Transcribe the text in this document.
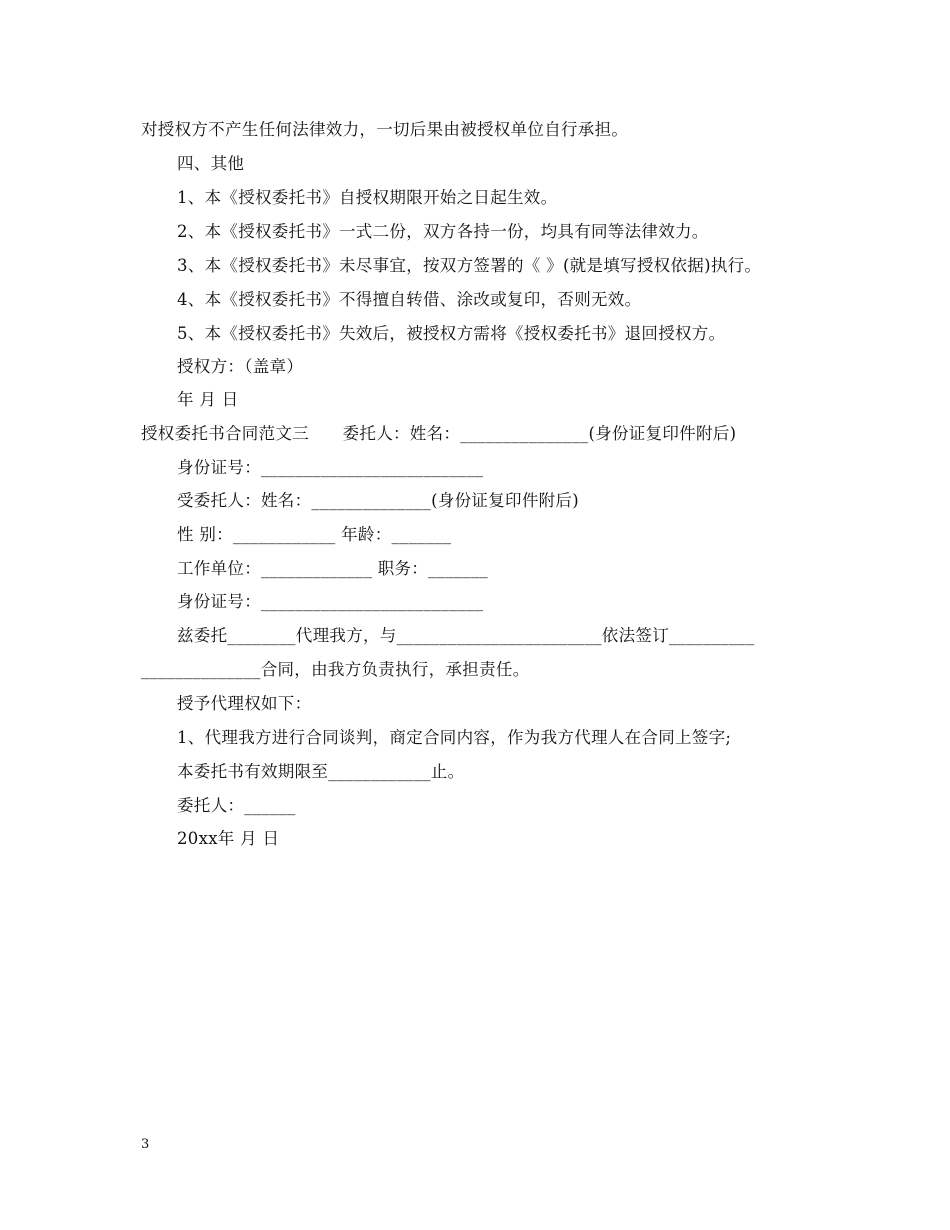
对授权方不产生任何法律效力，一切后果由被授权单位自行承担。
四、其他
1、本《授权委托书》自授权期限开始之日起生效。
2、本《授权委托书》一式二份，双方各持一份，均具有同等法律效力。
3、本《授权委托书》未尽事宜，按双方签署的《 》(就是填写授权依据)执行。
4、本《授权委托书》不得擅自转借、涂改或复印，否则无效。
5、本《授权委托书》失效后，被授权方需将《授权委托书》退回授权方。
授权方：（盖章）
年 月 日
授权委托书合同范文三　　委托人：姓名：_______________(身份证复印件附后)
身份证号：__________________________
受委托人：姓名：______________(身份证复印件附后)
性 别：____________ 年龄：_______
工作单位：_____________ 职务：_______
身份证号：__________________________
兹委托________代理我方，与________________________依法签订__________
______________合同，由我方负责执行，承担责任。
授予代理权如下：
1、代理我方进行合同谈判，商定合同内容，作为我方代理人在合同上签字;
本委托书有效期限至____________止。
委托人：______
20xx年 月 日
3
